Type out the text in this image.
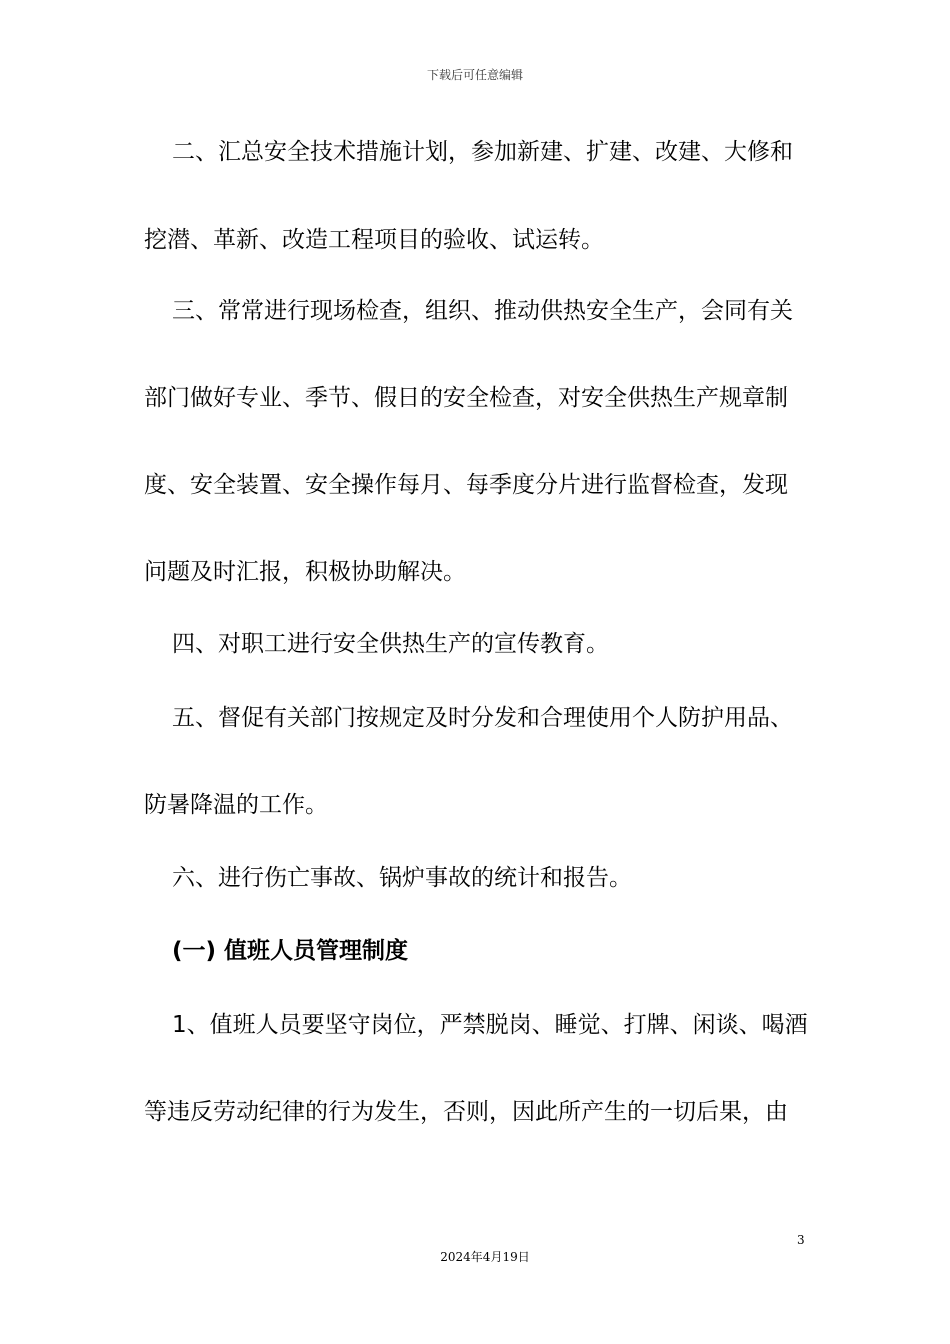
下载后可任意编辑
二、汇总安全技术措施计划，参加新建、扩建、改建、大修和
挖潜、革新、改造工程项目的验收、试运转。
三、常常进行现场检查，组织、推动供热安全生产，会同有关
部门做好专业、季节、假日的安全检查，对安全供热生产规章制
度、安全装置、安全操作每月、每季度分片进行监督检查，发现
问题及时汇报，积极协助解决。
四、对职工进行安全供热生产的宣传教育。
五、督促有关部门按规定及时分发和合理使用个人防护用品、
防暑降温的工作。
六、进行伤亡事故、锅炉事故的统计和报告。
(一) 值班人员管理制度
1、值班人员要坚守岗位，严禁脱岗、睡觉、打牌、闲谈、喝酒
等违反劳动纪律的行为发生，否则，因此所产生的一切后果，由
3
2024年4月19日
